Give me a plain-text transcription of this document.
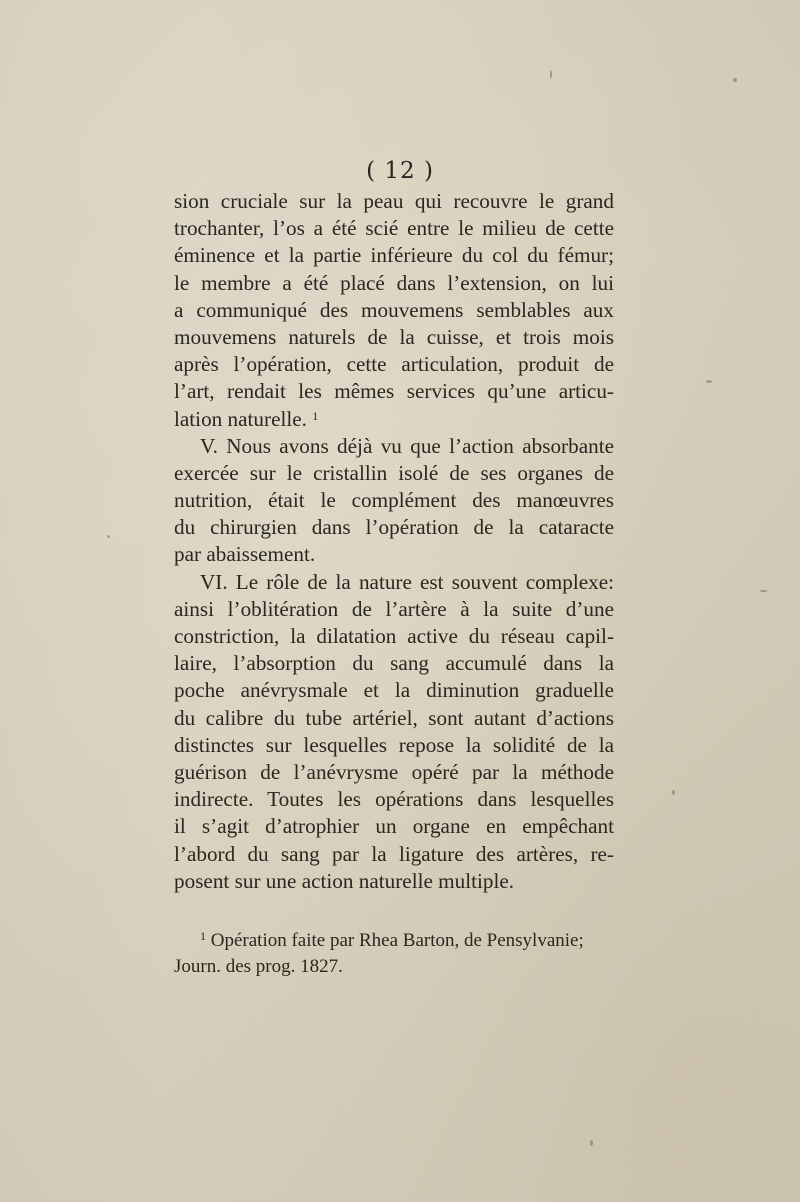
( 12 )
sion cruciale sur la peau qui recouvre le grand
trochanter, l’os a été scié entre le milieu de cette
éminence et la partie inférieure du col du fémur;
le membre a été placé dans l’extension, on lui
a communiqué des mouvemens semblables aux
mouvemens naturels de la cuisse, et trois mois
après l’opération, cette articulation, produit de
l’art, rendait les mêmes services qu’une articu-
lation naturelle. $^1$
V. Nous avons déjà vu que l’action absorbante
exercée sur le cristallin isolé de ses organes de
nutrition, était le complément des manœuvres
du chirurgien dans l’opération de la cataracte
par abaissement.
VI. Le rôle de la nature est souvent complexe:
ainsi l’oblitération de l’artère à la suite d’une
constriction, la dilatation active du réseau capil-
laire, l’absorption du sang accumulé dans la
poche anévrysmale et la diminution graduelle
du calibre du tube artériel, sont autant d’actions
distinctes sur lesquelles repose la solidité de la
guérison de l’anévrysme opéré par la méthode
indirecte. Toutes les opérations dans lesquelles
il s’agit d’atrophier un organe en empêchant
l’abord du sang par la ligature des artères, re-
posent sur une action naturelle multiple.
$^1$ Opération faite par Rhea Barton, de Pensylvanie;
Journ. des prog. 1827.
